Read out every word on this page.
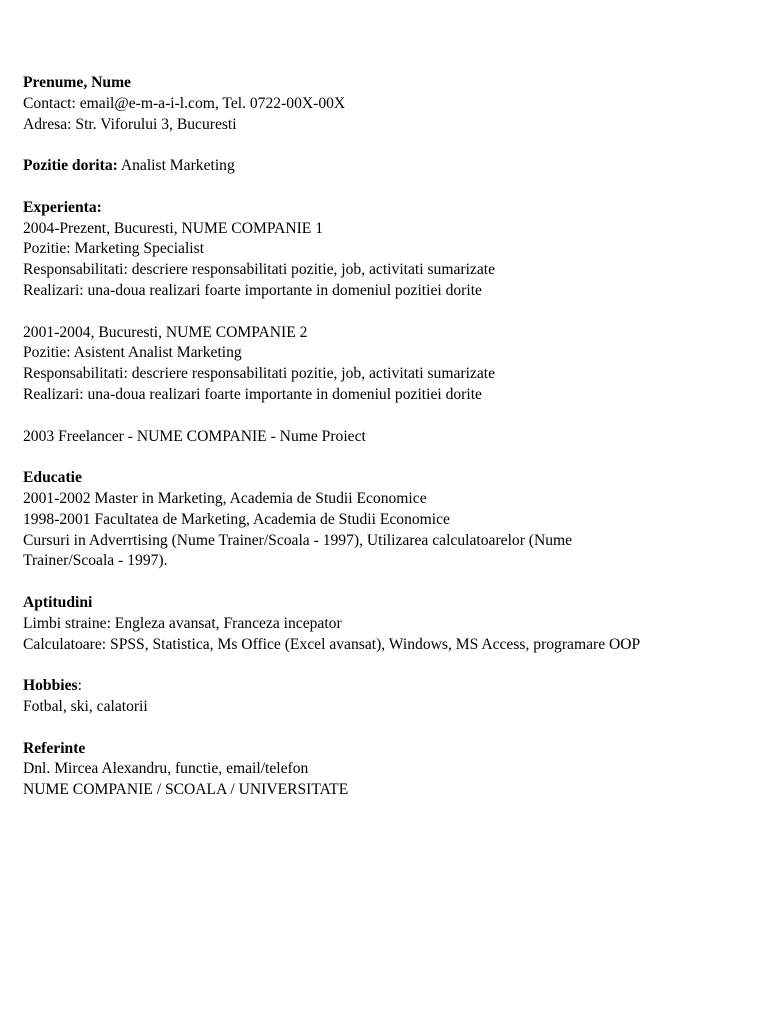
Prenume, Nume
Contact: email@e-m-a-i-l.com, Tel. 0722-00X-00X
Adresa: Str. Viforului 3, Bucuresti
Pozitie dorita: Analist Marketing
Experienta:
2004-Prezent, Bucuresti, NUME COMPANIE 1
Pozitie: Marketing Specialist
Responsabilitati: descriere responsabilitati pozitie, job, activitati sumarizate
Realizari: una-doua realizari foarte importante in domeniul pozitiei dorite
2001-2004, Bucuresti, NUME COMPANIE 2
Pozitie: Asistent Analist Marketing
Responsabilitati: descriere responsabilitati pozitie, job, activitati sumarizate
Realizari: una-doua realizari foarte importante in domeniul pozitiei dorite
2003 Freelancer - NUME COMPANIE - Nume Proiect
Educatie
2001-2002 Master in Marketing, Academia de Studii Economice
1998-2001 Facultatea de Marketing, Academia de Studii Economice
Cursuri in Adverrtising (Nume Trainer/Scoala - 1997), Utilizarea calculatoarelor (Nume
Trainer/Scoala - 1997).
Aptitudini
Limbi straine: Engleza avansat, Franceza incepator
Calculatoare: SPSS, Statistica, Ms Office (Excel avansat), Windows, MS Access, programare OOP
Hobbies:
Fotbal, ski, calatorii
Referinte
Dnl. Mircea Alexandru, functie, email/telefon
NUME COMPANIE / SCOALA / UNIVERSITATE
